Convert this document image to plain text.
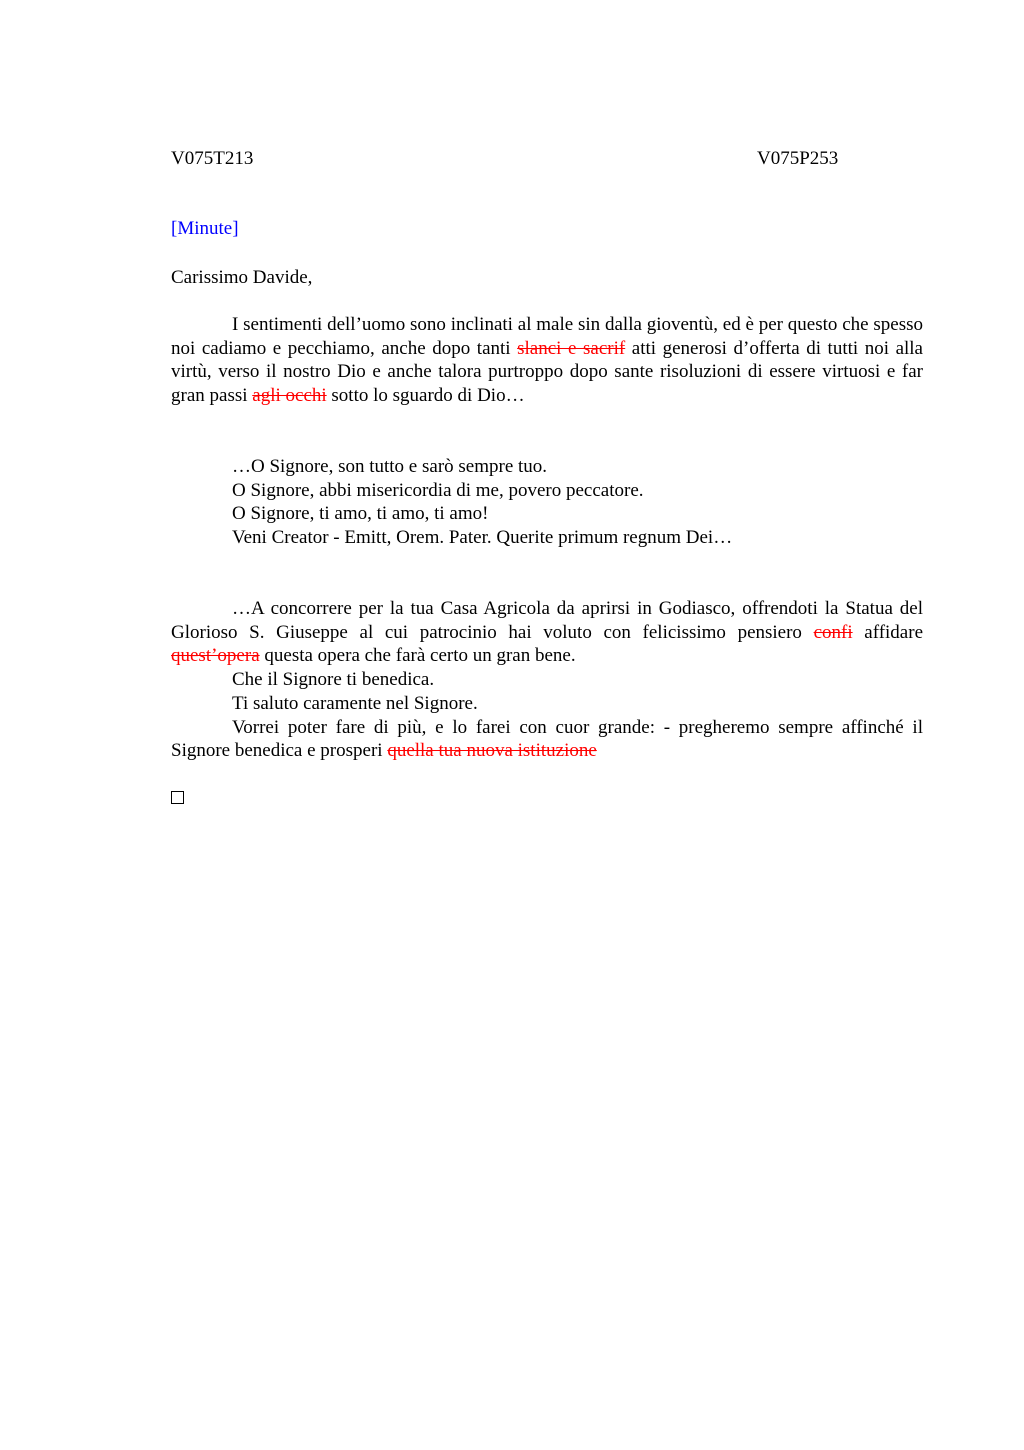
V075T213	V075P253
[Minute]
Carissimo Davide,

I sentimenti dell’uomo sono inclinati al male sin dalla gioventù, ed è per questo che spesso noi cadiamo e pecchiamo, anche dopo tanti slanci e sacrif atti generosi d’offerta di tutti noi alla virtù, verso il nostro Dio e anche talora purtroppo dopo sante risoluzioni di essere virtuosi e far gran passi agli occhi sotto lo sguardo di Dio…

…O Signore, son tutto e sarò sempre tuo.
O Signore, abbi misericordia di me, povero peccatore.
O Signore, ti amo, ti amo, ti amo!
Veni Creator - Emitt, Orem. Pater. Querite primum regnum Dei…

…A concorrere per la tua Casa Agricola da aprirsi in Godiasco, offrendoti la Statua del Glorioso S. Giuseppe al cui patrocinio hai voluto con felicissimo pensiero confi affidare quest’opera questa opera che farà certo un gran bene.

Che il Signore ti benedica.
Ti saluto caramente nel Signore.

Vorrei poter fare di più, e lo farei con cuor grande: - pregheremo sempre affinché il Signore benedica e prosperi quella tua nuova istituzione
